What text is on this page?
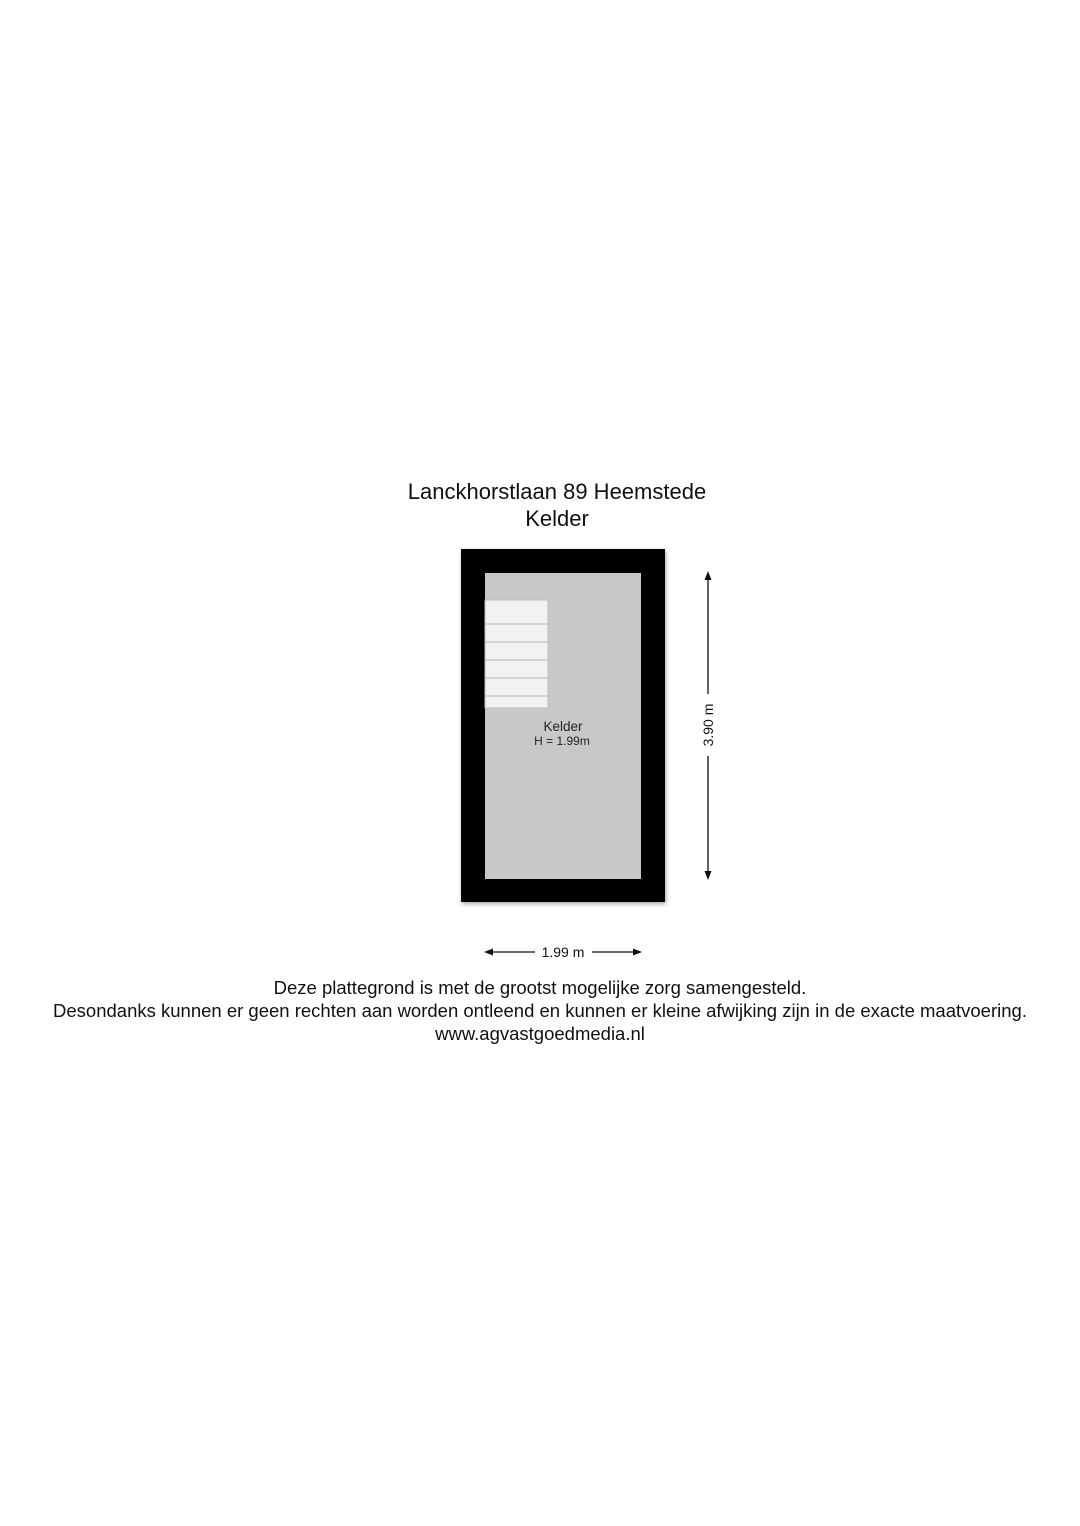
Lanckhorstlaan 89 Heemstede
Kelder
Kelder
H = 1.99m	3.90 m
1.99 m
Deze plattegrond is met de grootst mogelijke zorg samengesteld.
Desondanks kunnen er geen rechten aan worden ontleend en kunnen er kleine afwijking zijn in de exacte maatvoering.
www.agvastgoedmedia.nl
